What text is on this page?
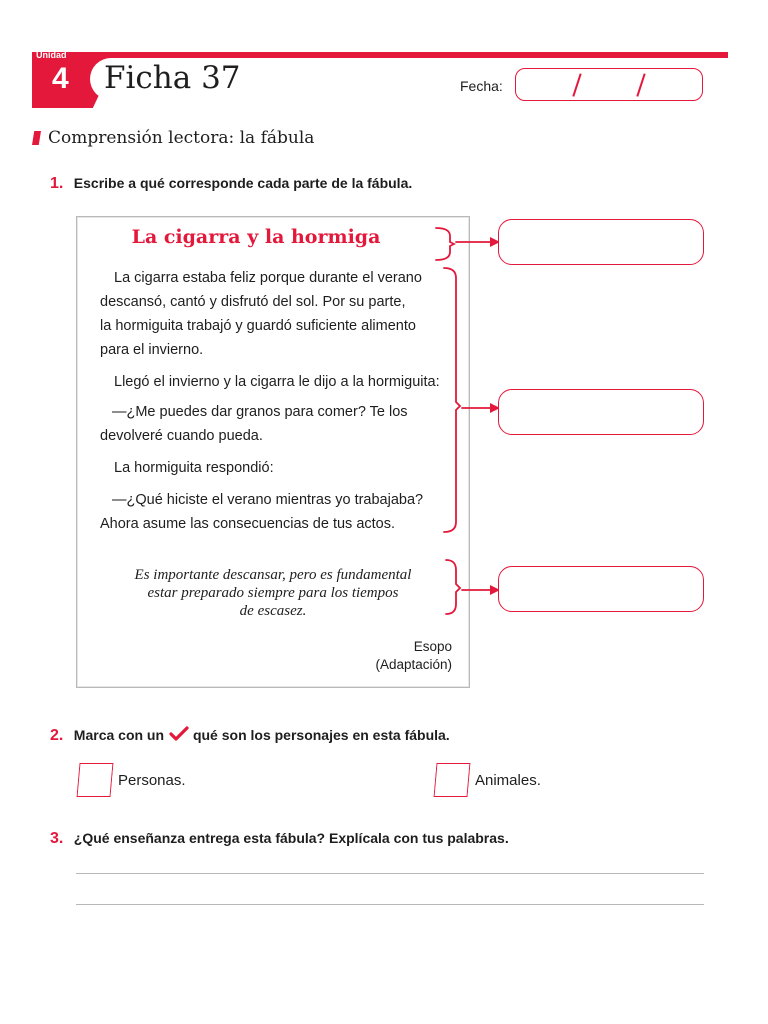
Unidad
4 Ficha 37	Fecha:
Comprensión lectora: la fábula
1. Escribe a qué corresponde cada parte de la fábula.
La cigarra y la hormiga
La cigarra estaba feliz porque durante el verano
descansó, cantó y disfrutó del sol. Por su parte,
la hormiguita trabajó y guardó suficiente alimento
para el invierno.
Llegó el invierno y la cigarra le dijo a la hormiguita:
—¿Me puedes dar granos para comer? Te los
devolveré cuando pueda.
La hormiguita respondió:
—¿Qué hiciste el verano mientras yo trabajaba?
Ahora asume las consecuencias de tus actos.
Es importante descansar, pero es fundamental
estar preparado siempre para los tiempos
de escasez.
Esopo
(Adaptación)
2. Marca con un qué son los personajes en esta fábula.
Personas.	Animales.
3. ¿Qué enseñanza entrega esta fábula? Explícala con tus palabras.
